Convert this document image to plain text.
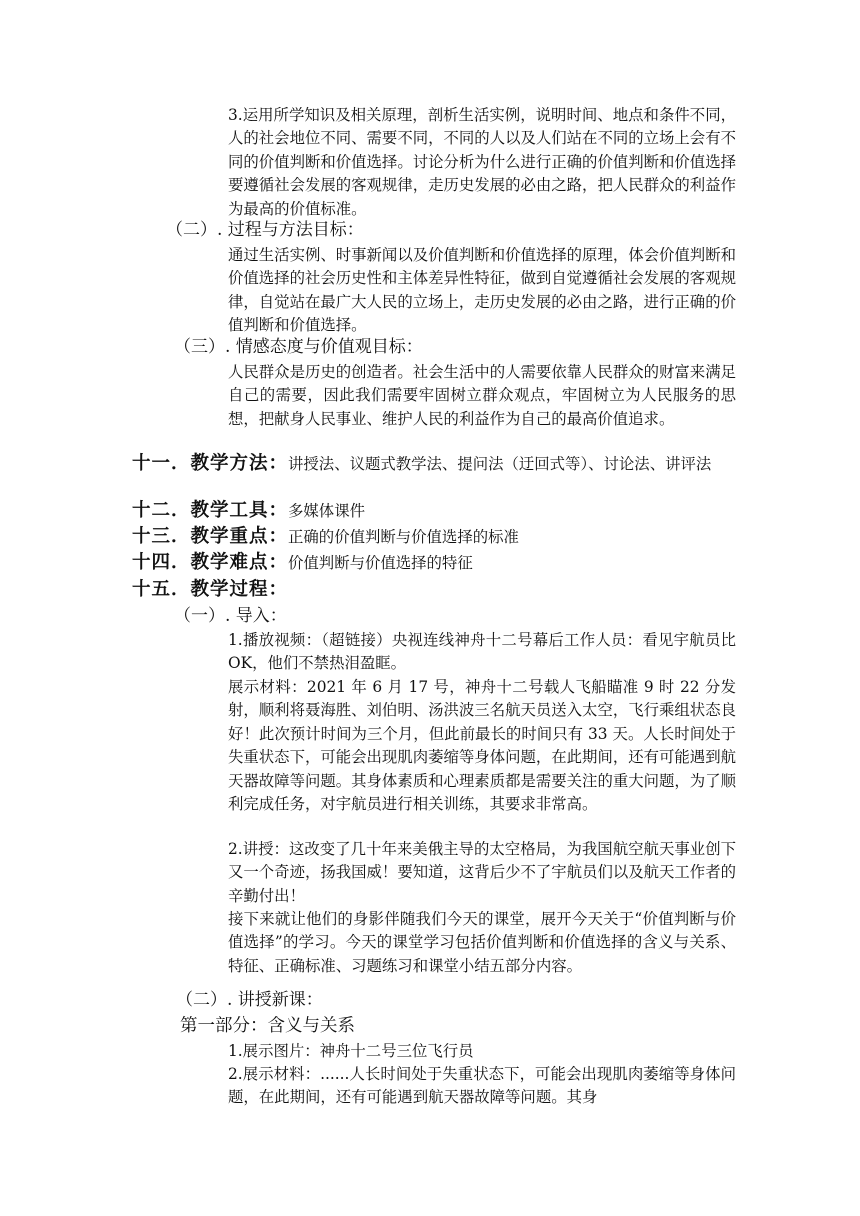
3.运用所学知识及相关原理，剖析生活实例，说明时间、地点和条件不同，人的社会地位不同、需要不同，不同的人以及人们站在不同的立场上会有不同的价值判断和价值选择。讨论分析为什么进行正确的价值判断和价值选择要遵循社会发展的客观规律，走历史发展的必由之路，把人民群众的利益作为最高的价值标准。

（二）. 过程与方法目标：

通过生活实例、时事新闻以及价值判断和价值选择的原理，体会价值判断和价值选择的社会历史性和主体差异性特征，做到自觉遵循社会发展的客观规律，自觉站在最广大人民的立场上，走历史发展的必由之路，进行正确的价值判断和价值选择。

（三）. 情感态度与价值观目标：

人民群众是历史的创造者。社会生活中的人需要依靠人民群众的财富来满足自己的需要，因此我们需要牢固树立群众观点，牢固树立为人民服务的思想，把献身人民事业、维护人民的利益作为自己的最高价值追求。

十一．教学方法：讲授法、议题式教学法、提问法（迂回式等）、讨论法、讲评法

十二．教学工具：多媒体课件

十三．教学重点：正确的价值判断与价值选择的标准

十四．教学难点：价值判断与价值选择的特征

十五．教学过程：

（一）. 导入：

1.播放视频：（超链接）央视连线神舟十二号幕后工作人员：看见宇航员比 OK，他们不禁热泪盈眶。

展示材料：2021 年 6 月 17 号，神舟十二号载人飞船瞄准 9 时 22 分发射，顺利将聂海胜、刘伯明、汤洪波三名航天员送入太空，飞行乘组状态良好！此次预计时间为三个月，但此前最长的时间只有 33 天。人长时间处于失重状态下，可能会出现肌肉萎缩等身体问题，在此期间，还有可能遇到航天器故障等问题。其身体素质和心理素质都是需要关注的重大问题，为了顺利完成任务，对宇航员进行相关训练，其要求非常高。

2.讲授：这改变了几十年来美俄主导的太空格局，为我国航空航天事业创下又一个奇迹，扬我国威！要知道，这背后少不了宇航员们以及航天工作者的辛勤付出！

接下来就让他们的身影伴随我们今天的课堂，展开今天关于“价值判断与价值选择”的学习。今天的课堂学习包括价值判断和价值选择的含义与关系、特征、正确标准、习题练习和课堂小结五部分内容。

（二）. 讲授新课：

第一部分：含义与关系

1.展示图片：神舟十二号三位飞行员

2.展示材料：......人长时间处于失重状态下，可能会出现肌肉萎缩等身体问题，在此期间，还有可能遇到航天器故障等问题。其身
